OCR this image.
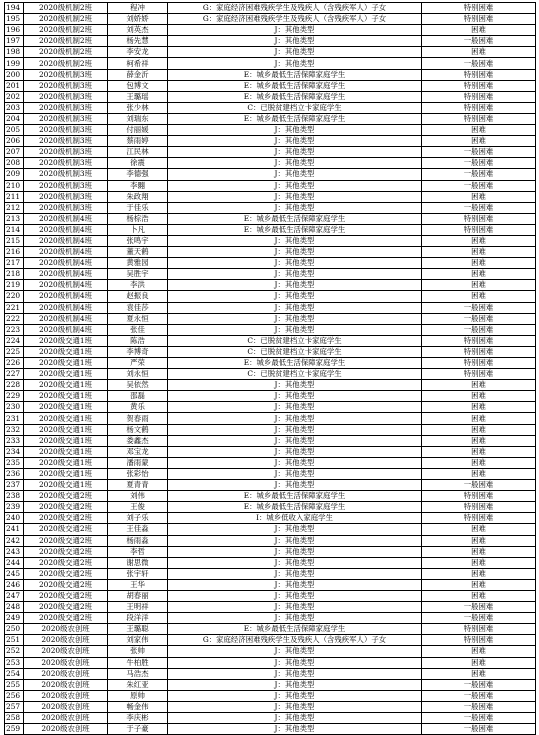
194	2020级机制2班	程冲	G：家庭经济困难残疾学生及残疾人（含残疾军人）子女	特别困难
195	2020级机制2班	刘娇娇	G：家庭经济困难残疾学生及残疾人（含残疾军人）子女	特别困难
196	2020级机制2班	刘英杰	J：其他类型	困难
197	2020级机制2班	杨先慧	J：其他类型	一般困难
198	2020级机制2班	李安龙	J：其他类型	困难
199	2020级机制2班	柯希祥	J：其他类型	一般困难
200	2020级机制3班	薛金沂	E：城乡最低生活保障家庭学生	特别困难
201	2020级机制3班	包博文	E：城乡最低生活保障家庭学生	特别困难
202	2020级机制3班	王璐瑶	E：城乡最低生活保障家庭学生	特别困难
203	2020级机制3班	张少林	C：已脱贫建档立卡家庭学生	特别困难
204	2020级机制3班	刘瑞东	E：城乡最低生活保障家庭学生	特别困难
205	2020级机制3班	付丽媛	J：其他类型	困难
206	2020级机制3班	蔡雨婷	J：其他类型	困难
207	2020级机制3班	江民林	J：其他类型	一般困难
208	2020级机制3班	徐震	J：其他类型	一般困难
209	2020级机制3班	李德强	J：其他类型	一般困难
210	2020级机制3班	李翾	J：其他类型	一般困难
211	2020级机制3班	朱政翔	J：其他类型	困难
212	2020级机制3班	于佳乐	J：其他类型	一般困难
213	2020级机制4班	杨棕浩	E：城乡最低生活保障家庭学生	特别困难
214	2020级机制4班	卜凡	E：城乡最低生活保障家庭学生	特别困难
215	2020级机制4班	张鸣宇	J：其他类型	困难
216	2020级机制4班	董天鹤	J：其他类型	困难
217	2020级机制4班	黄雅园	J：其他类型	困难
218	2020级机制4班	吴胜宇	J：其他类型	困难
219	2020级机制4班	李洪	J：其他类型	困难
220	2020级机制4班	赵振良	J：其他类型	困难
221	2020级机制4班	袁佳莎	J：其他类型	一般困难
222	2020级机制4班	夏永恒	J：其他类型	一般困难
223	2020级机制4班	张佳	J：其他类型	一般困难
224	2020级交通1班	陈浩	C：已脱贫建档立卡家庭学生	特别困难
225	2020级交通1班	李博奇	C：已脱贫建档立卡家庭学生	特别困难
226	2020级交通1班	严荣	E：城乡最低生活保障家庭学生	特别困难
227	2020级交通1班	刘永恒	C：已脱贫建档立卡家庭学生	特别困难
228	2020级交通1班	吴依然	J：其他类型	困难
229	2020级交通1班	邵磊	J：其他类型	困难
230	2020级交通1班	黄乐	J：其他类型	困难
231	2020级交通1班	贺春雨	J：其他类型	困难
232	2020级交通1班	杨文鹤	J：其他类型	困难
233	2020级交通1班	娄鑫杰	J：其他类型	困难
234	2020级交通1班	邓宝龙	J：其他类型	困难
235	2020级交通1班	潘雨蒙	J：其他类型	困难
236	2020级交通1班	张彩怡	J：其他类型	困难
237	2020级交通1班	夏青青	J：其他类型	一般困难
238	2020级交通2班	刘伟	E：城乡最低生活保障家庭学生	特别困难
239	2020级交通2班	王俊	E：城乡最低生活保障家庭学生	特别困难
240	2020级交通2班	刘子乐	I：城乡低收入家庭学生	特别困难
241	2020级交通2班	王佳淼	J：其他类型	困难
242	2020级交通2班	杨雨淼	J：其他类型	困难
243	2020级交通2班	李哲	J：其他类型	困难
244	2020级交通2班	谢思微	J：其他类型	困难
245	2020级交通2班	张宇轩	J：其他类型	困难
246	2020级交通2班	王华	J：其他类型	困难
247	2020级交通2班	胡春丽	J：其他类型	困难
248	2020级交通2班	王明祥	J：其他类型	一般困难
249	2020级交通2班	段洋洋	J：其他类型	一般困难
250	2020级农创班	王璐聪	E：城乡最低生活保障家庭学生	特别困难
251	2020级农创班	刘家伟	G：家庭经济困难残疾学生及残疾人（含残疾军人）子女	特别困难
252	2020级农创班	张帅	J：其他类型	困难
253	2020级农创班	牛柏胜	J：其他类型	困难
254	2020级农创班	马浩杰	J：其他类型	困难
255	2020级农创班	朱红亚	J：其他类型	一般困难
256	2020级农创班	原帅	J：其他类型	一般困难
257	2020级农创班	畅金伟	J：其他类型	一般困难
258	2020级农创班	李庆彬	J：其他类型	一般困难
259	2020级农创班	于子豪	J：其他类型	一般困难
